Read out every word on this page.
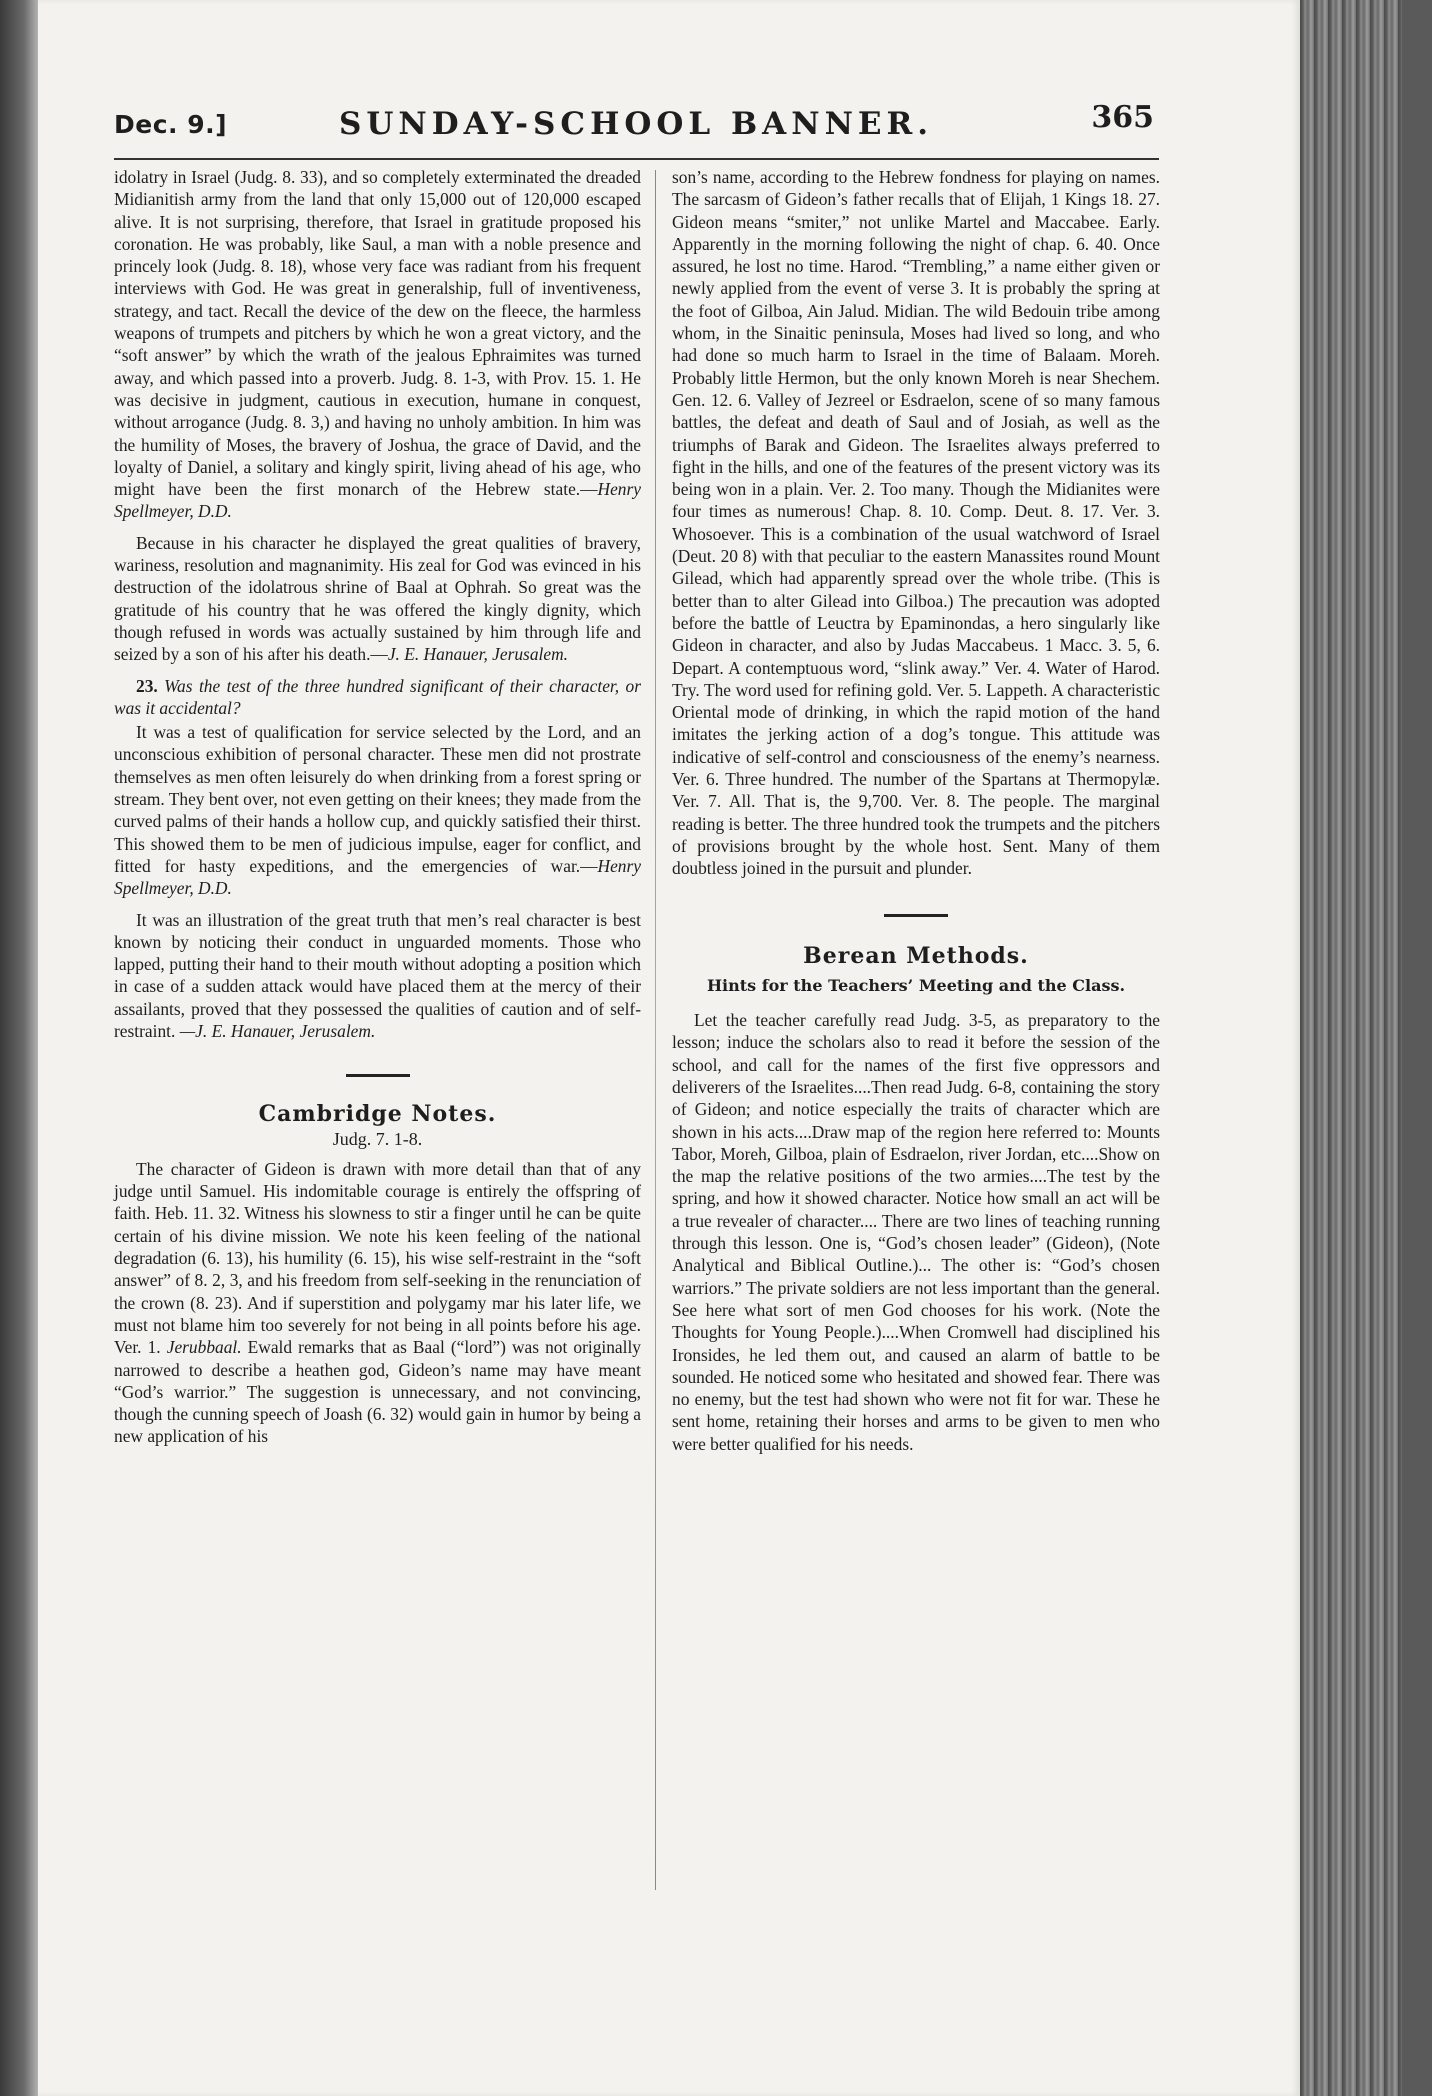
Dec. 9.]	SUNDAY-SCHOOL BANNER.	365

idolatry in Israel (Judg. 8. 33), and so completely exterminated the dreaded Midianitish army from the land that only 15,000 out of 120,000 escaped alive. It is not surprising, therefore, that Israel in gratitude proposed his coronation. He was probably, like Saul, a man with a noble presence and princely look (Judg. 8. 18), whose very face was radiant from his frequent interviews with God. He was great in generalship, full of inventiveness, strategy, and tact. Recall the device of the dew on the fleece, the harmless weapons of trumpets and pitchers by which he won a great victory, and the “soft answer” by which the wrath of the jealous Ephraimites was turned away, and which passed into a proverb. Judg. 8. 1-3, with Prov. 15. 1. He was decisive in judgment, cautious in execution, humane in conquest, without arrogance (Judg. 8. 3,) and having no unholy ambition. In him was the humility of Moses, the bravery of Joshua, the grace of David, and the loyalty of Daniel, a solitary and kingly spirit, living ahead of his age, who might have been the first monarch of the Hebrew state.—Henry Spellmeyer, D.D.

Because in his character he displayed the great qualities of bravery, wariness, resolution and magnanimity. His zeal for God was evinced in his destruction of the idolatrous shrine of Baal at Ophrah. So great was the gratitude of his country that he was offered the kingly dignity, which though refused in words was actually sustained by him through life and seized by a son of his after his death.—J. E. Hanauer, Jerusalem.

23. Was the test of the three hundred significant of their character, or was it accidental?

It was a test of qualification for service selected by the Lord, and an unconscious exhibition of personal character. These men did not prostrate themselves as men often leisurely do when drinking from a forest spring or stream. They bent over, not even getting on their knees; they made from the curved palms of their hands a hollow cup, and quickly satisfied their thirst. This showed them to be men of judicious impulse, eager for conflict, and fitted for hasty expeditions, and the emergencies of war.—Henry Spellmeyer, D.D.

It was an illustration of the great truth that men’s real character is best known by noticing their conduct in unguarded moments. Those who lapped, putting their hand to their mouth without adopting a position which in case of a sudden attack would have placed them at the mercy of their assailants, proved that they possessed the qualities of caution and of self-restraint. —J. E. Hanauer, Jerusalem.

Cambridge Notes.
Judg. 7. 1-8.

The character of Gideon is drawn with more detail than that of any judge until Samuel. His indomitable courage is entirely the offspring of faith. Heb. 11. 32. Witness his slowness to stir a finger until he can be quite certain of his divine mission. We note his keen feeling of the national degradation (6. 13), his humility (6. 15), his wise self-restraint in the “soft answer” of 8. 2, 3, and his freedom from self-seeking in the renunciation of the crown (8. 23). And if superstition and polygamy mar his later life, we must not blame him too severely for not being in all points before his age. Ver. 1. Jerubbaal. Ewald remarks that as Baal (“lord”) was not originally narrowed to describe a heathen god, Gideon’s name may have meant “God’s warrior.” The suggestion is unnecessary, and not convincing, though the cunning speech of Joash (6. 32) would gain in humor by being a new application of his

son’s name, according to the Hebrew fondness for playing on names. The sarcasm of Gideon’s father recalls that of Elijah, 1 Kings 18. 27. Gideon means “smiter,” not unlike Martel and Maccabee. Early. Apparently in the morning following the night of chap. 6. 40. Once assured, he lost no time. Harod. “Trembling,” a name either given or newly applied from the event of verse 3. It is probably the spring at the foot of Gilboa, Ain Jalud. Midian. The wild Bedouin tribe among whom, in the Sinaitic peninsula, Moses had lived so long, and who had done so much harm to Israel in the time of Balaam. Moreh. Probably little Hermon, but the only known Moreh is near Shechem. Gen. 12. 6. Valley of Jezreel or Esdraelon, scene of so many famous battles, the defeat and death of Saul and of Josiah, as well as the triumphs of Barak and Gideon. The Israelites always preferred to fight in the hills, and one of the features of the present victory was its being won in a plain. Ver. 2. Too many. Though the Midianites were four times as numerous! Chap. 8. 10. Comp. Deut. 8. 17. Ver. 3. Whosoever. This is a combination of the usual watchword of Israel (Deut. 20 8) with that peculiar to the eastern Manassites round Mount Gilead, which had apparently spread over the whole tribe. (This is better than to alter Gilead into Gilboa.) The precaution was adopted before the battle of Leuctra by Epaminondas, a hero singularly like Gideon in character, and also by Judas Maccabeus. 1 Macc. 3. 5, 6. Depart. A contemptuous word, “slink away.” Ver. 4. Water of Harod. Try. The word used for refining gold. Ver. 5. Lappeth. A characteristic Oriental mode of drinking, in which the rapid motion of the hand imitates the jerking action of a dog’s tongue. This attitude was indicative of self-control and consciousness of the enemy’s nearness. Ver. 6. Three hundred. The number of the Spartans at Thermopylæ. Ver. 7. All. That is, the 9,700. Ver. 8. The people. The marginal reading is better. The three hundred took the trumpets and the pitchers of provisions brought by the whole host. Sent. Many of them doubtless joined in the pursuit and plunder.

Berean Methods.
Hints for the Teachers’ Meeting and the Class.

Let the teacher carefully read Judg. 3-5, as preparatory to the lesson; induce the scholars also to read it before the session of the school, and call for the names of the first five oppressors and deliverers of the Israelites....Then read Judg. 6-8, containing the story of Gideon; and notice especially the traits of character which are shown in his acts....Draw map of the region here referred to: Mounts Tabor, Moreh, Gilboa, plain of Esdraelon, river Jordan, etc....Show on the map the relative positions of the two armies....The test by the spring, and how it showed character. Notice how small an act will be a true revealer of character.... There are two lines of teaching running through this lesson. One is, “God’s chosen leader” (Gideon), (Note Analytical and Biblical Outline.)... The other is: “God’s chosen warriors.” The private soldiers are not less important than the general. See here what sort of men God chooses for his work. (Note the Thoughts for Young People.)....When Cromwell had disciplined his Ironsides, he led them out, and caused an alarm of battle to be sounded. He noticed some who hesitated and showed fear. There was no enemy, but the test had shown who were not fit for war. These he sent home, retaining their horses and arms to be given to men who were better qualified for his needs.
